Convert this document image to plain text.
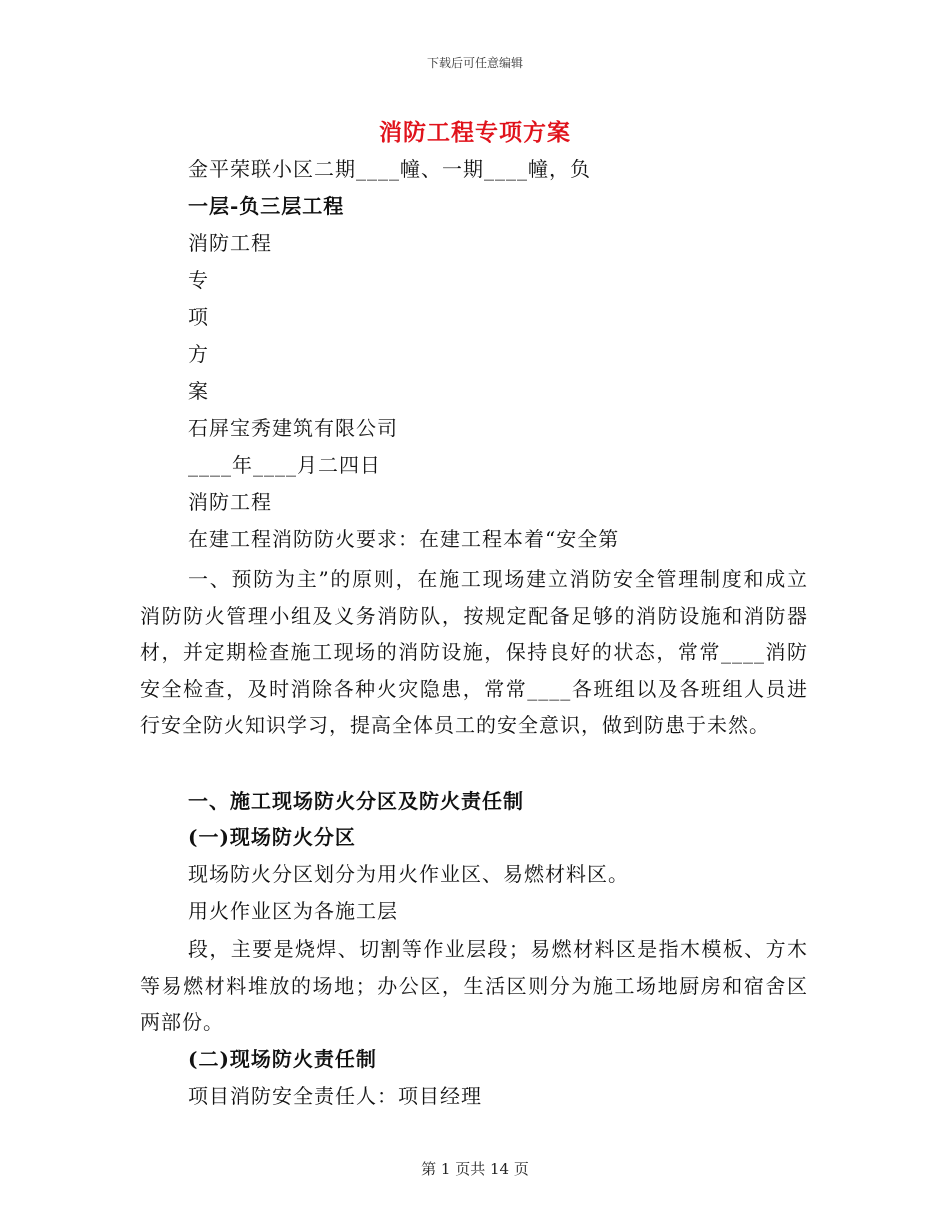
下载后可任意编辑
消防工程专项方案
金平荣联小区二期____幢、一期____幢，负
一层-负三层工程
消防工程
专
项
方
案
石屏宝秀建筑有限公司
____年____月二四日
消防工程
在建工程消防防火要求：在建工程本着“安全第
一、预防为主”的原则，在施工现场建立消防安全管理制度和成立消防防火管理小组及义务消防队，按规定配备足够的消防设施和消防器材，并定期检查施工现场的消防设施，保持良好的状态，常常____消防安全检查，及时消除各种火灾隐患，常常____各班组以及各班组人员进行安全防火知识学习，提高全体员工的安全意识，做到防患于未然。
一、施工现场防火分区及防火责任制
(一)现场防火分区
现场防火分区划分为用火作业区、易燃材料区。
用火作业区为各施工层
段，主要是烧焊、切割等作业层段；易燃材料区是指木模板、方木等易燃材料堆放的场地；办公区，生活区则分为施工场地厨房和宿舍区两部份。
(二)现场防火责任制
项目消防安全责任人：项目经理
第 1 页共 14 页
